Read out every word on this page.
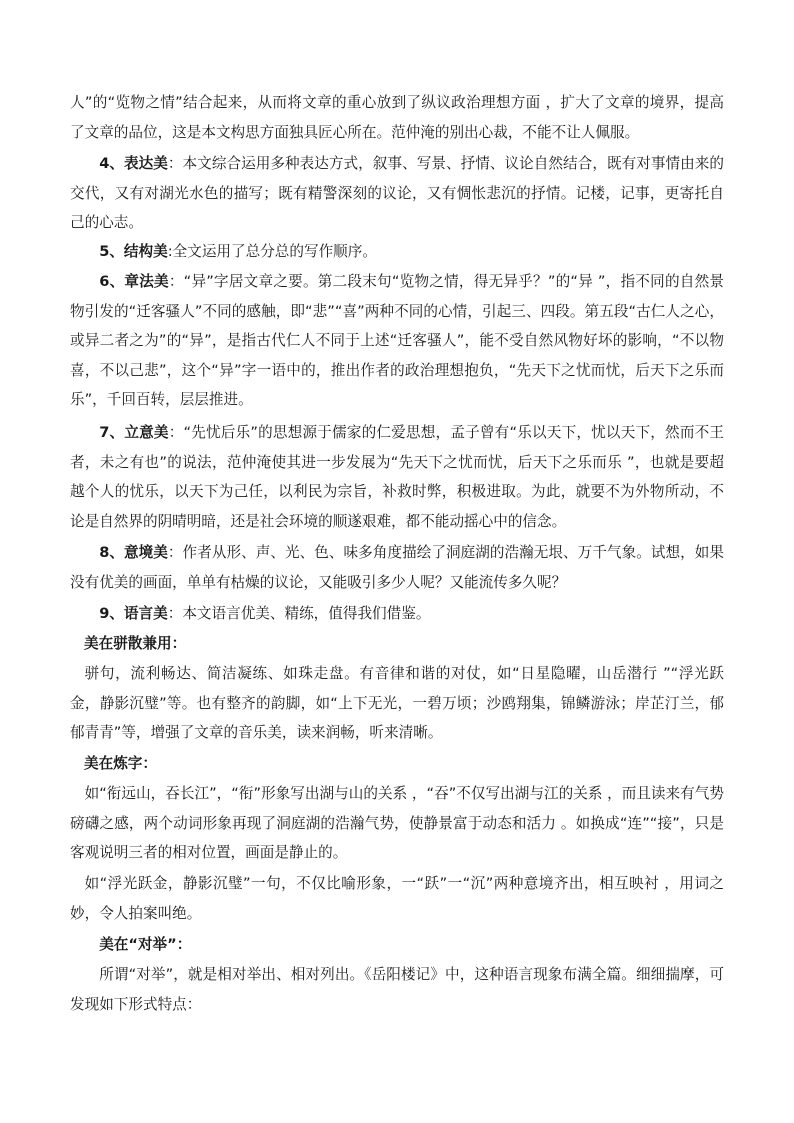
人”的“览物之情”结合起来，从而将文章的重心放到了纵议政治理想方面 ，扩大了文章的境界，提高了文章的品位，这是本文构思方面独具匠心所在。范仲淹的别出心裁，不能不让人佩服。

4、表达美：本文综合运用多种表达方式，叙事、写景、抒情、议论自然结合，既有对事情由来的交代，又有对湖光水色的描写；既有精警深刻的议论，又有惆怅悲沉的抒情。记楼，记事，更寄托自己的心志。

5、结构美:全文运用了总分总的写作顺序。

6、章法美：“异”字居文章之要。第二段末句“览物之情，得无异乎？”的“异 ”，指不同的自然景物引发的“迁客骚人”不同的感触，即“悲”“喜”两种不同的心情，引起三、四段。第五段“古仁人之心，或异二者之为”的“异”，是指古代仁人不同于上述“迁客骚人”，能不受自然风物好坏的影响，“不以物喜，不以己悲”，这个“异”字一语中的，推出作者的政治理想抱负，“先天下之忧而忧，后天下之乐而乐”，千回百转，层层推进。

7、立意美：“先忧后乐”的思想源于儒家的仁爱思想，孟子曾有“乐以天下，忧以天下，然而不王者，未之有也”的说法，范仲淹使其进一步发展为“先天下之忧而忧，后天下之乐而乐 ”，也就是要超越个人的忧乐，以天下为己任，以利民为宗旨，补救时弊，积极进取。为此，就要不为外物所动，不论是自然界的阴晴明暗，还是社会环境的顺遂艰难，都不能动摇心中的信念。

8、意境美：作者从形、声、光、色、味多角度描绘了洞庭湖的浩瀚无垠、万千气象。试想，如果没有优美的画面，单单有枯燥的议论，又能吸引多少人呢？又能流传多久呢？

9、语言美：本文语言优美、精练，值得我们借鉴。

美在骈散兼用：

骈句，流利畅达、简洁凝练、如珠走盘。有音律和谐的对仗，如“日星隐曜，山岳潜行 ”“浮光跃金，静影沉璧”等。也有整齐的韵脚，如“上下无光，一碧万顷；沙鸥翔集，锦鳞游泳；岸芷汀兰，郁郁青青”等，增强了文章的音乐美，读来润畅，听来清晰。

美在炼字：

如“衔远山，吞长江”，“衔”形象写出湖与山的关系 ，“吞”不仅写出湖与江的关系 ，而且读来有气势磅礴之感，两个动词形象再现了洞庭湖的浩瀚气势，使静景富于动态和活力 。如换成“连”“接”，只是客观说明三者的相对位置，画面是静止的。

如“浮光跃金，静影沉璧”一句，不仅比喻形象，一“跃”一“沉”两种意境齐出，相互映衬 ，用词之妙，令人拍案叫绝。

美在“对举”：

所谓“对举”，就是相对举出、相对列出。《岳阳楼记》中，这种语言现象布满全篇。细细揣摩，可发现如下形式特点：
